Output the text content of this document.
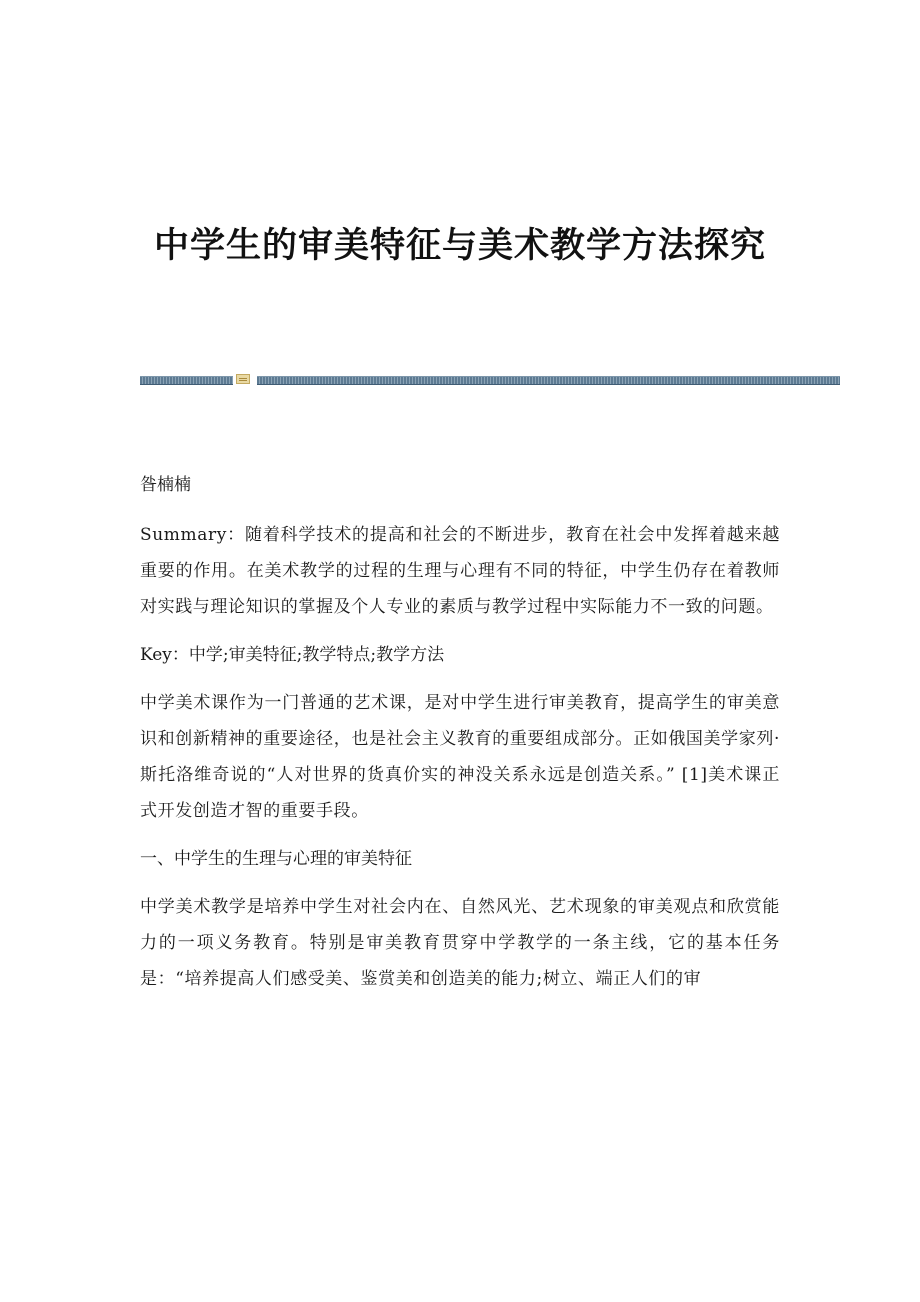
中学生的审美特征与美术教学方法探究

昝楠楠

Summary：随着科学技术的提高和社会的不断进步，教育在社会中发挥着越来越重要的作用。在美术教学的过程的生理与心理有不同的特征，中学生仍存在着教师对实践与理论知识的掌握及个人专业的素质与教学过程中实际能力不一致的问题。

Key：中学;审美特征;教学特点;教学方法

中学美术课作为一门普通的艺术课，是对中学生进行审美教育，提高学生的审美意识和创新精神的重要途径，也是社会主义教育的重要组成部分。正如俄国美学家列·斯托洛维奇说的“人对世界的货真价实的神没关系永远是创造关系。” [1]美术课正式开发创造才智的重要手段。

一、中学生的生理与心理的审美特征

中学美术教学是培养中学生对社会内在、自然风光、艺术现象的审美观点和欣赏能力的一项义务教育。特别是审美教育贯穿中学教学的一条主线，它的基本任务是：“培养提高人们感受美、鉴赏美和创造美的能力;树立、端正人们的审
